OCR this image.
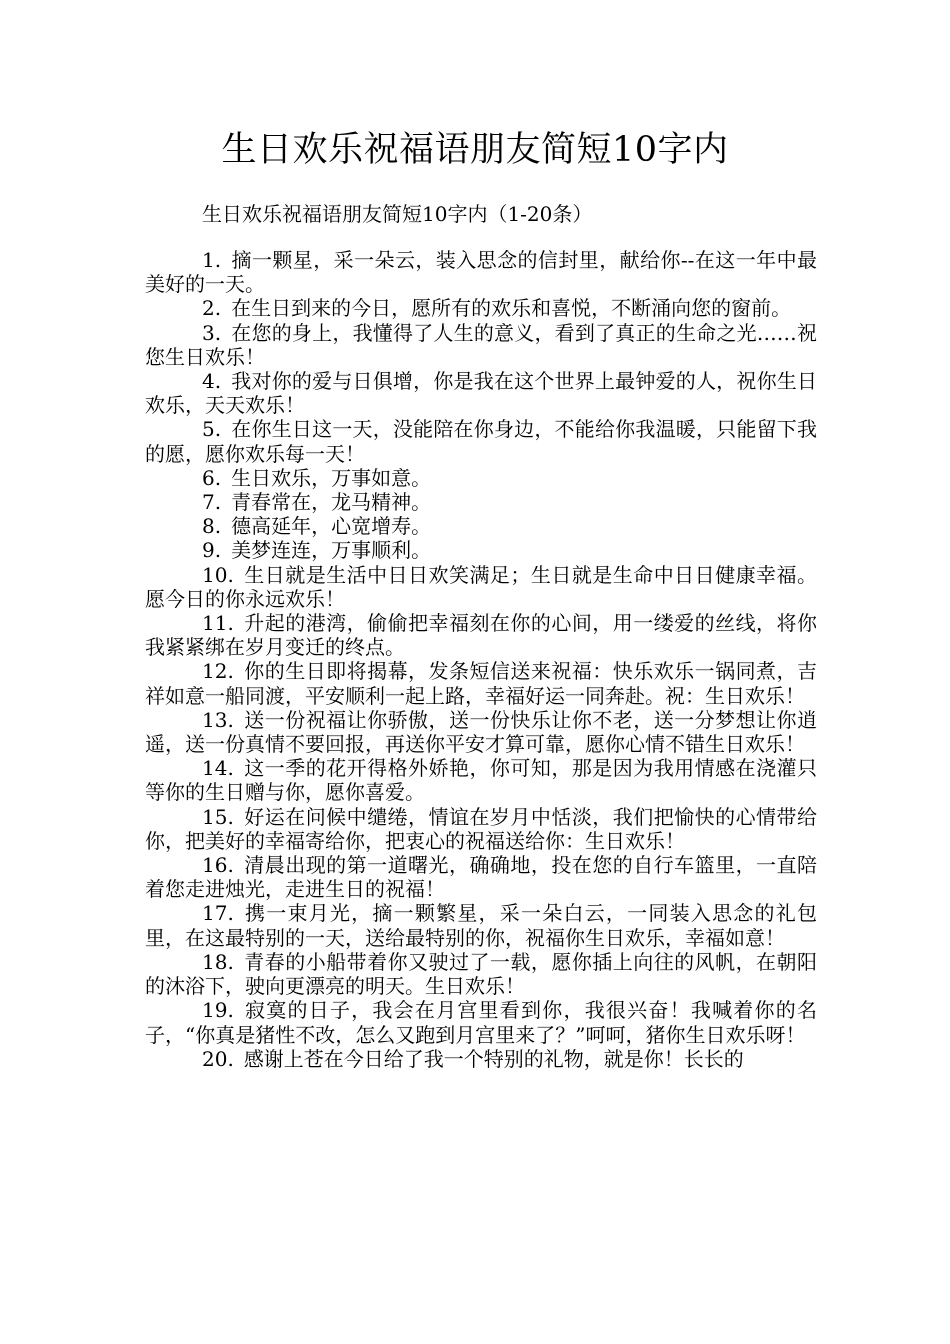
生日欢乐祝福语朋友简短10字内
生日欢乐祝福语朋友简短10字内（1-20条）
1. 摘一颗星，采一朵云，装入思念的信封里，献给你--在这一年中最美好的一天。
2. 在生日到来的今日，愿所有的欢乐和喜悦，不断涌向您的窗前。
3. 在您的身上，我懂得了人生的意义，看到了真正的生命之光……祝您生日欢乐！
4. 我对你的爱与日俱增，你是我在这个世界上最钟爱的人，祝你生日欢乐，天天欢乐！
5. 在你生日这一天，没能陪在你身边，不能给你我温暖，只能留下我的愿，愿你欢乐每一天！
6. 生日欢乐，万事如意。
7. 青春常在，龙马精神。
8. 德高延年，心宽增寿。
9. 美梦连连，万事顺利。
10. 生日就是生活中日日欢笑满足；生日就是生命中日日健康幸福。愿今日的你永远欢乐！
11. 升起的港湾，偷偷把幸福刻在你的心间，用一缕爱的丝线，将你我紧紧绑在岁月变迁的终点。
12. 你的生日即将揭幕，发条短信送来祝福：快乐欢乐一锅同煮，吉祥如意一船同渡，平安顺利一起上路，幸福好运一同奔赴。祝：生日欢乐！
13. 送一份祝福让你骄傲，送一份快乐让你不老，送一分梦想让你逍遥，送一份真情不要回报，再送你平安才算可靠，愿你心情不错生日欢乐！
14. 这一季的花开得格外娇艳，你可知，那是因为我用情感在浇灌只等你的生日赠与你，愿你喜爱。
15. 好运在问候中缱绻，情谊在岁月中恬淡，我们把愉快的心情带给你，把美好的幸福寄给你，把衷心的祝福送给你：生日欢乐！
16. 清晨出现的第一道曙光，确确地，投在您的自行车篮里，一直陪着您走进烛光，走进生日的祝福！
17. 携一束月光，摘一颗繁星，采一朵白云，一同装入思念的礼包里，在这最特别的一天，送给最特别的你，祝福你生日欢乐，幸福如意！
18. 青春的小船带着你又驶过了一载，愿你插上向往的风帆，在朝阳的沐浴下，驶向更漂亮的明天。生日欢乐！
19. 寂寞的日子，我会在月宫里看到你，我很兴奋！我喊着你的名子，“你真是猪性不改，怎么又跑到月宫里来了？”呵呵，猪你生日欢乐呀！
20. 感谢上苍在今日给了我一个特别的礼物，就是你！长长的
